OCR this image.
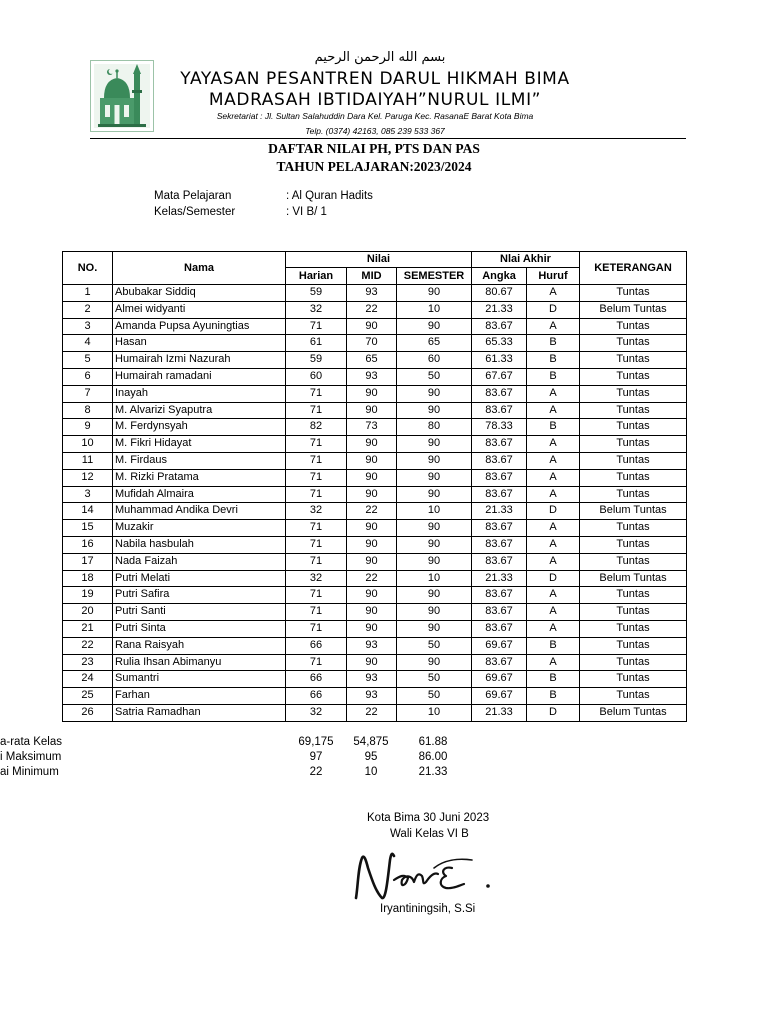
بسم الله الرحمن الرحيم
YAYASAN PESANTREN DARUL HIKMAH BIMA
MADRASAH IBTIDAIYAH”NURUL ILMI”
Sekretariat : Jl. Sultan Salahuddin Dara Kel. Paruga Kec. RasanaE Barat Kota Bima
Telp. (0374) 42163, 085 239 533 367
DAFTAR NILAI PH, PTS DAN PAS
TAHUN PELAJARAN:2023/2024
Mata Pelajaran	: Al Quran Hadits
Kelas/Semester	: VI B/ 1
NO.	Nama	Nilai			Nlai Akhir		KETERANGAN
		Harian	MID	SEMESTER	Angka	Huruf	
1	Abubakar Siddiq	59	93	90	80.67	A	Tuntas
2	Almei widyanti	32	22	10	21.33	D	Belum Tuntas
3	Amanda Pupsa Ayuningtias	71	90	90	83.67	A	Tuntas
4	Hasan	61	70	65	65.33	B	Tuntas
5	Humairah Izmi Nazurah	59	65	60	61.33	B	Tuntas
6	Humairah ramadani	60	93	50	67.67	B	Tuntas
7	Inayah	71	90	90	83.67	A	Tuntas
8	M. Alvarizi Syaputra	71	90	90	83.67	A	Tuntas
9	M. Ferdynsyah	82	73	80	78.33	B	Tuntas
10	M. Fikri Hidayat	71	90	90	83.67	A	Tuntas
11	M. Firdaus	71	90	90	83.67	A	Tuntas
12	M. Rizki Pratama	71	90	90	83.67	A	Tuntas
3	Mufidah Almaira	71	90	90	83.67	A	Tuntas
14	Muhammad Andika Devri	32	22	10	21.33	D	Belum Tuntas
15	Muzakir	71	90	90	83.67	A	Tuntas
16	Nabila hasbulah	71	90	90	83.67	A	Tuntas
17	Nada Faizah	71	90	90	83.67	A	Tuntas
18	Putri Melati	32	22	10	21.33	D	Belum Tuntas
19	Putri Safira	71	90	90	83.67	A	Tuntas
20	Putri Santi	71	90	90	83.67	A	Tuntas
21	Putri Sinta	71	90	90	83.67	A	Tuntas
22	Rana Raisyah	66	93	50	69.67	B	Tuntas
23	Rulia Ihsan Abimanyu	71	90	90	83.67	A	Tuntas
24	Sumantri	66	93	50	69.67	B	Tuntas
25	Farhan	66	93	50	69.67	B	Tuntas
26	Satria Ramadhan	32	22	10	21.33	D	Belum Tuntas
a-rata Kelas	69,175	54,875	61.88
i Maksimum	97	95	86.00
ai Minimum	22	10	21.33
Kota Bima 30 Juni 2023
Wali Kelas VI B
Iryantiningsih, S.Si
